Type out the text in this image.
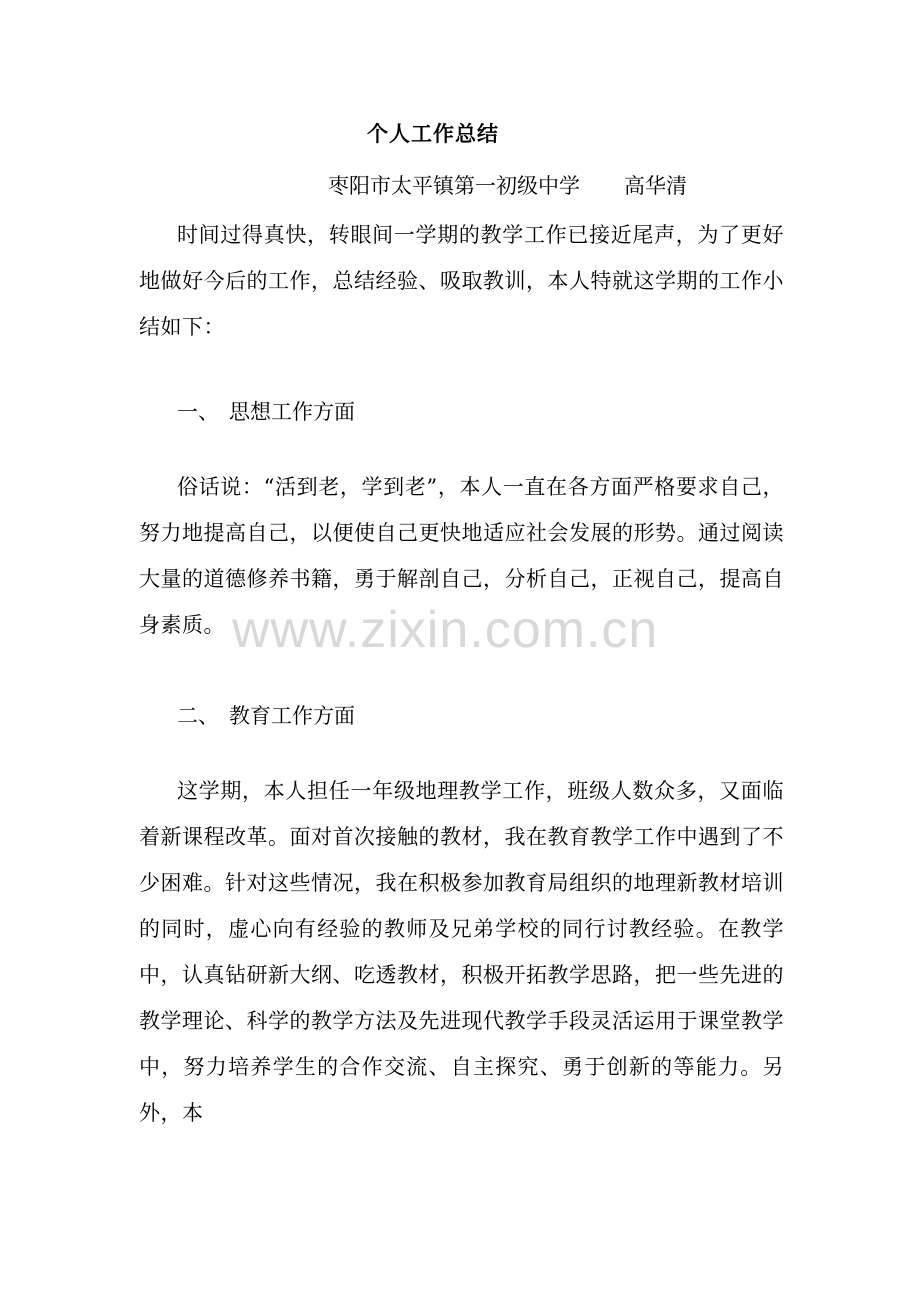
个人工作总结
枣阳市太平镇第一初级中学 高华清
时间过得真快，转眼间一学期的教学工作已接近尾声，为了更好地做好今后的工作，总结经验、吸取教训，本人特就这学期的工作小结如下：
一、 思想工作方面
俗话说：“活到老，学到老”，本人一直在各方面严格要求自己，努力地提高自己，以便使自己更快地适应社会发展的形势。通过阅读大量的道德修养书籍，勇于解剖自己，分析自己，正视自己，提高自身素质。
二、 教育工作方面
这学期，本人担任一年级地理教学工作，班级人数众多，又面临着新课程改革。面对首次接触的教材，我在教育教学工作中遇到了不少困难。针对这些情况，我在积极参加教育局组织的地理新教材培训的同时，虚心向有经验的教师及兄弟学校的同行讨教经验。在教学中，认真钻研新大纲、吃透教材，积极开拓教学思路，把一些先进的教学理论、科学的教学方法及先进现代教学手段灵活运用于课堂教学中，努力培养学生的合作交流、自主探究、勇于创新的等能力。另外，本
www.zixin.com.cn
